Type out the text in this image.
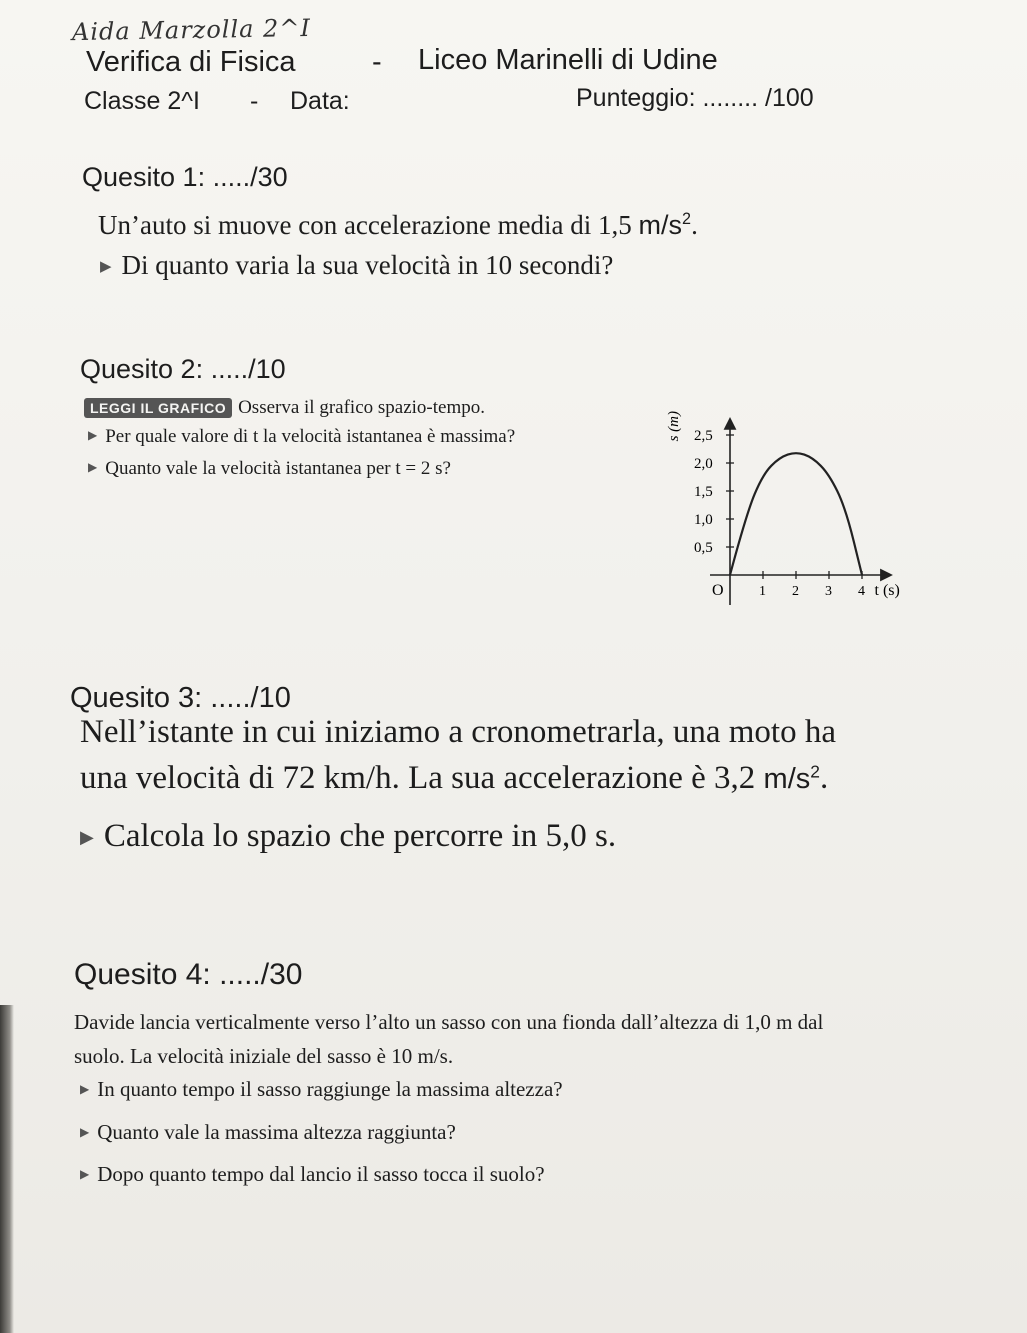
Aida Marzolla 2^I
Verifica di Fisica	- Liceo Marinelli di Udine
Classe 2^I - Data:	Punteggio: ........ /100
Quesito 1: ...../30
Un’auto si muove con accelerazione media di 1,5 $m/s^2$.
▶ Di quanto varia la sua velocità in 10 secondi?
Quesito 2: ...../10
LEGGI IL GRAFICO Osserva il grafico spazio-tempo.
▶ Per quale valore di t la velocità istantanea è massima?
▶ Quanto vale la velocità istantanea per t = 2 s?
0,5
1,0
1,5
2,0
2,5
1 2 3 4
O	t (s)
s (m)
Quesito 3: ...../10
Nell’istante in cui iniziamo a cronometrarla, una moto ha
una velocità di 72 km/h. La sua accelerazione è 3,2 $m/s^2$.
▶ Calcola lo spazio che percorre in 5,0 s.
Quesito 4: ...../30
Davide lancia verticalmente verso l’alto un sasso con una fionda dall’altezza di 1,0 m dal
suolo. La velocità iniziale del sasso è 10 m/s.
▶ In quanto tempo il sasso raggiunge la massima altezza?
▶ Quanto vale la massima altezza raggiunta?
▶ Dopo quanto tempo dal lancio il sasso tocca il suolo?
